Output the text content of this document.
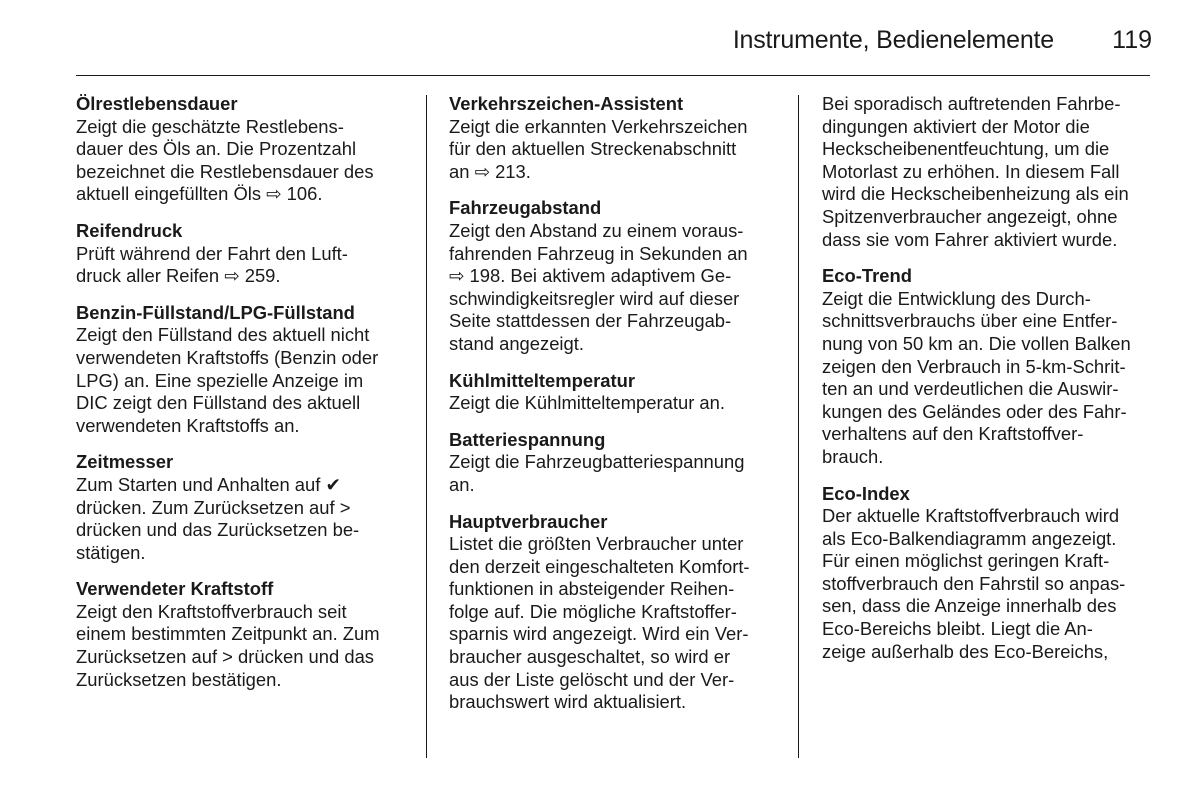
Instrumente, Bedienelemente 119
Ölrestlebensdauer
Zeigt die geschätzte Restlebens-
dauer des Öls an. Die Prozentzahl
bezeichnet die Restlebensdauer des
aktuell eingefüllten Öls ⇨ 106.
Reifendruck
Prüft während der Fahrt den Luft-
druck aller Reifen ⇨ 259.
Benzin-Füllstand/LPG-Füllstand
Zeigt den Füllstand des aktuell nicht
verwendeten Kraftstoffs (Benzin oder
LPG) an. Eine spezielle Anzeige im
DIC zeigt den Füllstand des aktuell
verwendeten Kraftstoffs an.
Zeitmesser
Zum Starten und Anhalten auf ✔
drücken. Zum Zurücksetzen auf >
drücken und das Zurücksetzen be-
stätigen.
Verwendeter Kraftstoff
Zeigt den Kraftstoffverbrauch seit
einem bestimmten Zeitpunkt an. Zum
Zurücksetzen auf > drücken und das
Zurücksetzen bestätigen.
Verkehrszeichen-Assistent
Zeigt die erkannten Verkehrszeichen
für den aktuellen Streckenabschnitt
an ⇨ 213.
Fahrzeugabstand
Zeigt den Abstand zu einem voraus-
fahrenden Fahrzeug in Sekunden an
⇨ 198. Bei aktivem adaptivem Ge-
schwindigkeitsregler wird auf dieser
Seite stattdessen der Fahrzeugab-
stand angezeigt.
Kühlmitteltemperatur
Zeigt die Kühlmitteltemperatur an.
Batteriespannung
Zeigt die Fahrzeugbatteriespannung
an.
Hauptverbraucher
Listet die größten Verbraucher unter
den derzeit eingeschalteten Komfort-
funktionen in absteigender Reihen-
folge auf. Die mögliche Kraftstoffer-
sparnis wird angezeigt. Wird ein Ver-
braucher ausgeschaltet, so wird er
aus der Liste gelöscht und der Ver-
brauchswert wird aktualisiert.
Bei sporadisch auftretenden Fahrbe-
dingungen aktiviert der Motor die
Heckscheibenentfeuchtung, um die
Motorlast zu erhöhen. In diesem Fall
wird die Heckscheibenheizung als ein
Spitzenverbraucher angezeigt, ohne
dass sie vom Fahrer aktiviert wurde.
Eco-Trend
Zeigt die Entwicklung des Durch-
schnittsverbrauchs über eine Entfer-
nung von 50 km an. Die vollen Balken
zeigen den Verbrauch in 5-km-Schrit-
ten an und verdeutlichen die Auswir-
kungen des Geländes oder des Fahr-
verhaltens auf den Kraftstoffver-
brauch.
Eco-Index
Der aktuelle Kraftstoffverbrauch wird
als Eco-Balkendiagramm angezeigt.
Für einen möglichst geringen Kraft-
stoffverbrauch den Fahrstil so anpas-
sen, dass die Anzeige innerhalb des
Eco-Bereichs bleibt. Liegt die An-
zeige außerhalb des Eco-Bereichs,
